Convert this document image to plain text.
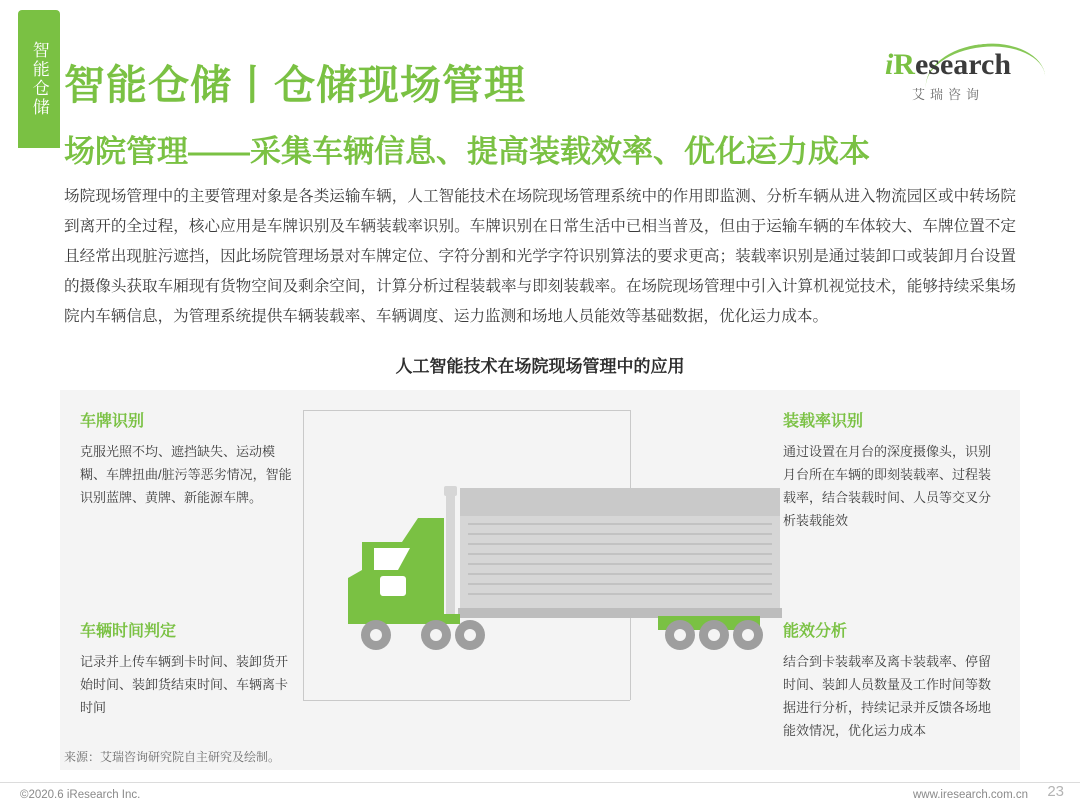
智能仓储 智能仓储丨仓储现场管理
场院管理——采集车辆信息、提高装载效率、优化运力成本
iResearch
艾瑞咨询
场院现场管理中的主要管理对象是各类运输车辆，人工智能技术在场院现场管理系统中的作用即监测、分析车辆从进入物流园区或中转场院到离开的全过程，核心应用是车牌识别及车辆装载率识别。车牌识别在日常生活中已相当普及，但由于运输车辆的车体较大、车牌位置不定且经常出现脏污遮挡，因此场院管理场景对车牌定位、字符分割和光学字符识别算法的要求更高；装载率识别是通过装卸口或装卸月台设置的摄像头获取车厢现有货物空间及剩余空间，计算分析过程装载率与即刻装载率。在场院现场管理中引入计算机视觉技术，能够持续采集场院内车辆信息，为管理系统提供车辆装载率、车辆调度、运力监测和场地人员能效等基础数据，优化运力成本。
人工智能技术在场院现场管理中的应用
车牌识别
克服光照不均、遮挡缺失、运动模糊、车牌扭曲/脏污等恶劣情况，智能识别蓝牌、黄牌、新能源车牌。
车辆时间判定
记录并上传车辆到卡时间、装卸货开始时间、装卸货结束时间、车辆离卡时间
装载率识别
通过设置在月台的深度摄像头，识别月台所在车辆的即刻装载率、过程装载率，结合装载时间、人员等交叉分析装载能效
能效分析
结合到卡装载率及离卡装载率、停留时间、装卸人员数量及工作时间等数据进行分析，持续记录并反馈各场地能效情况，优化运力成本
来源：艾瑞咨询研究院自主研究及绘制。
©2020.6 iResearch Inc.	www.iresearch.com.cn 23
